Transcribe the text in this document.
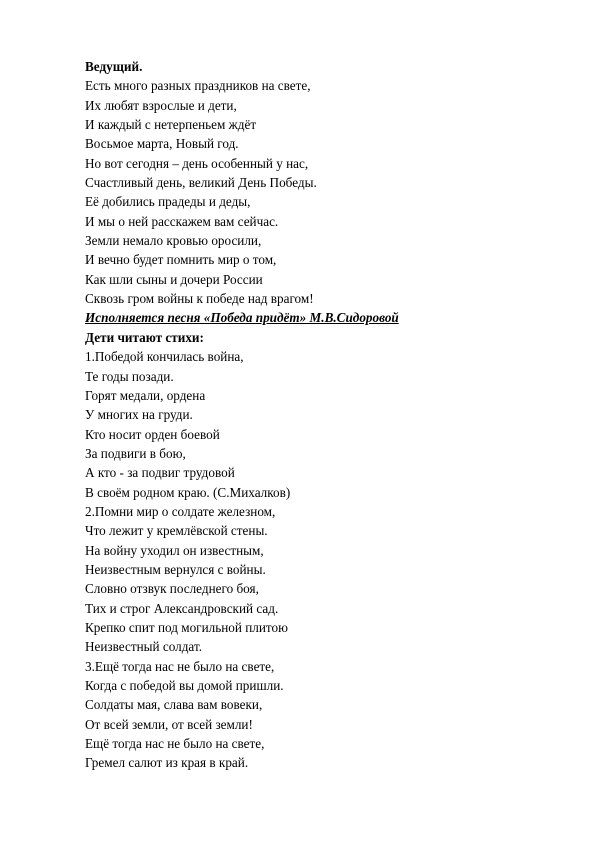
Ведущий.
Есть много разных праздников на свете,
Их любят взрослые и дети,
И каждый с нетерпеньем ждёт
Восьмое марта, Новый год.
Но вот сегодня – день особенный у нас,
Счастливый день, великий День Победы.
Её добились прадеды и деды,
И мы о ней расскажем вам сейчас.
Земли немало кровью оросили,
И вечно будет помнить мир о том,
Как шли сыны и дочери России
Сквозь гром войны к победе над врагом!
Исполняется песня «Победа придёт» М.В.Сидоровой
Дети читают стихи:
1.Победой кончилась война,
Те годы позади.
Горят медали, ордена
У многих на груди.
Кто носит орден боевой
За подвиги в бою,
А кто - за подвиг трудовой
В своём родном краю. (С.Михалков)
2.Помни мир о солдате железном,
Что лежит у кремлёвской стены.
На войну уходил он известным,
Неизвестным вернулся с войны.
Словно отзвук последнего боя,
Тих и строг Александровский сад.
Крепко спит под могильной плитою
Неизвестный солдат.
3.Ещё тогда нас не было на свете,
Когда с победой вы домой пришли.
Солдаты мая, слава вам вовеки,
От всей земли, от всей земли!
Ещё тогда нас не было на свете,
Гремел салют из края в край.
